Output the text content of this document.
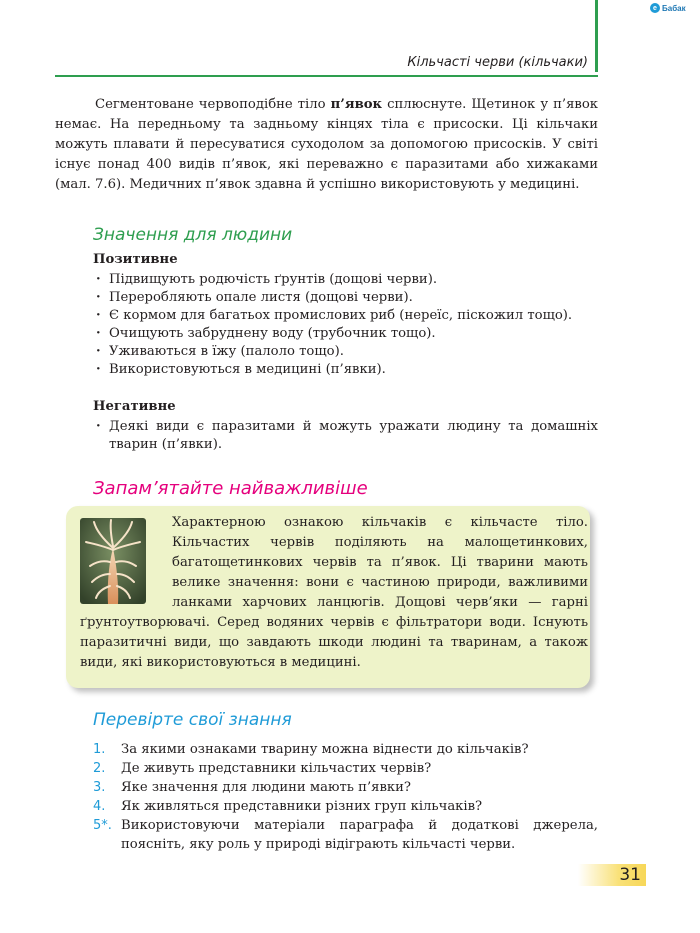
e Бабак
Кільчасті черви (кільчаки)
Сегментоване червоподібне тіло п’явок сплюснуте. Щетинок у п’явок немає. На передньому та задньому кінцях тіла є присоски. Ці кільчаки можуть плавати й пересуватися суходолом за допомогою присосків. У світі існує понад 400 видів п’явок, які переважно є паразитами або хижаками (мал. 7.6). Медичних п’явок здавна й успішно використовують у медицині.
Значення для людини
Позитивне
· Підвищують родючість ґрунтів (дощові черви).
· Переробляють опале листя (дощові черви).
· Є кормом для багатьох промислових риб (нереїс, піскожил тощо).
· Очищують забруднену воду (трубочник тощо).
· Уживаються в їжу (палоло тощо).
· Використовуються в медицині (п’явки).
Негативне
· Деякі види є паразитами й можуть уражати людину та домашніх тварин (п’явки).
Запам’ятайте найважливіше
Характерною ознакою кільчаків є кільчасте тіло. Кільчастих червів поділяють на малощетинкових, багатощетинкових червів та п’явок. Ці тварини мають велике значення: вони є частиною природи, важливими ланками харчових ланцюгів. Дощові черв’яки — гарні ґрунтоутворювачі. Серед водяних червів є фільтратори води. Існують паразитичні види, що завдають шкоди людині та тваринам, а також види, які використовуються в медицині.
Перевірте свої знання
1.	За якими ознаками тварину можна віднести до кільчаків?
2.	Де живуть представники кільчастих червів?
3.	Яке значення для людини мають п’явки?
4.	Як живляться представники різних груп кільчаків?
5*. Використовуючи матеріали параграфа й додаткові джерела, поясніть, яку роль у природі відіграють кільчасті черви.
31
